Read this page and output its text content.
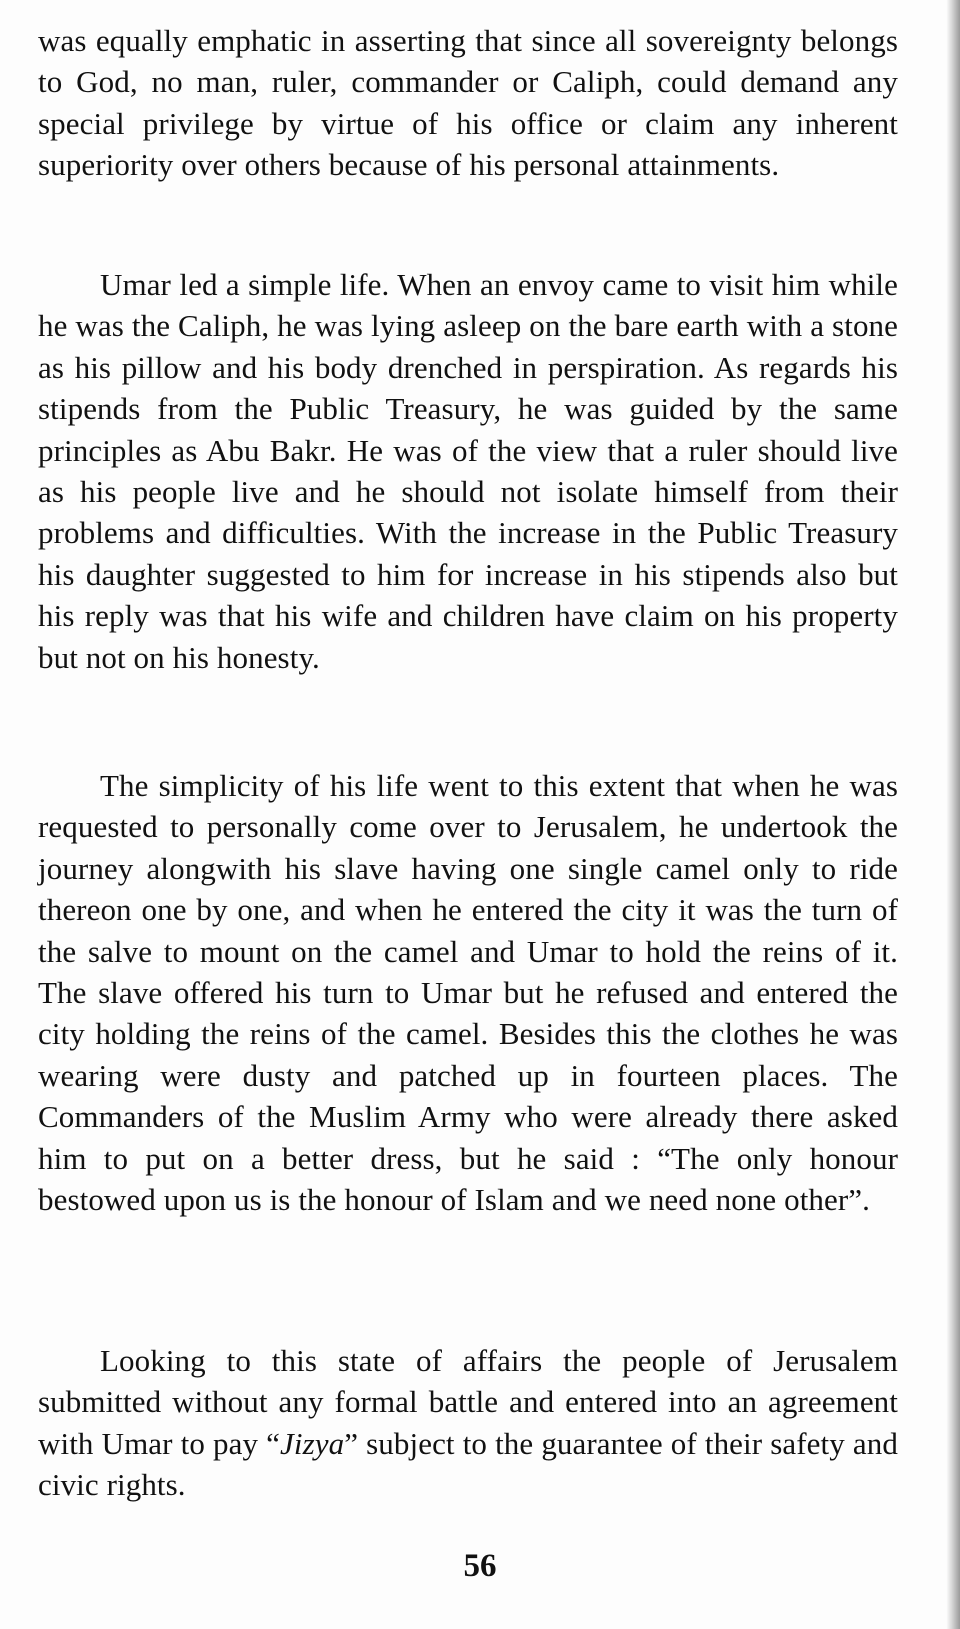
was equally emphatic in asserting that since all sovereignty belongs to God, no man, ruler, commander or Caliph, could demand any special privilege by virtue of his office or claim any inherent superiority over others because of his personal attainments.

Umar led a simple life. When an envoy came to visit him while he was the Caliph, he was lying asleep on the bare earth with a stone as his pillow and his body drenched in perspiration. As regards his stipends from the Public Treasury, he was guided by the same principles as Abu Bakr. He was of the view that a ruler should live as his people live and he should not isolate himself from their problems and difficulties. With the increase in the Public Treasury his daughter suggested to him for increase in his stipends also but his reply was that his wife and children have claim on his property but not on his honesty.

The simplicity of his life went to this extent that when he was requested to personally come over to Jerusalem, he undertook the journey alongwith his slave having one single camel only to ride thereon one by one, and when he entered the city it was the turn of the salve to mount on the camel and Umar to hold the reins of it. The slave offered his turn to Umar but he refused and entered the city holding the reins of the camel. Besides this the clothes he was wearing were dusty and patched up in fourteen places. The Commanders of the Muslim Army who were already there asked him to put on a better dress, but he said : “The only honour bestowed upon us is the honour of Islam and we need none other”.

Looking to this state of affairs the people of Jerusalem submitted without any formal battle and entered into an agreement with Umar to pay “Jizya” subject to the guarantee of their safety and civic rights.

56
